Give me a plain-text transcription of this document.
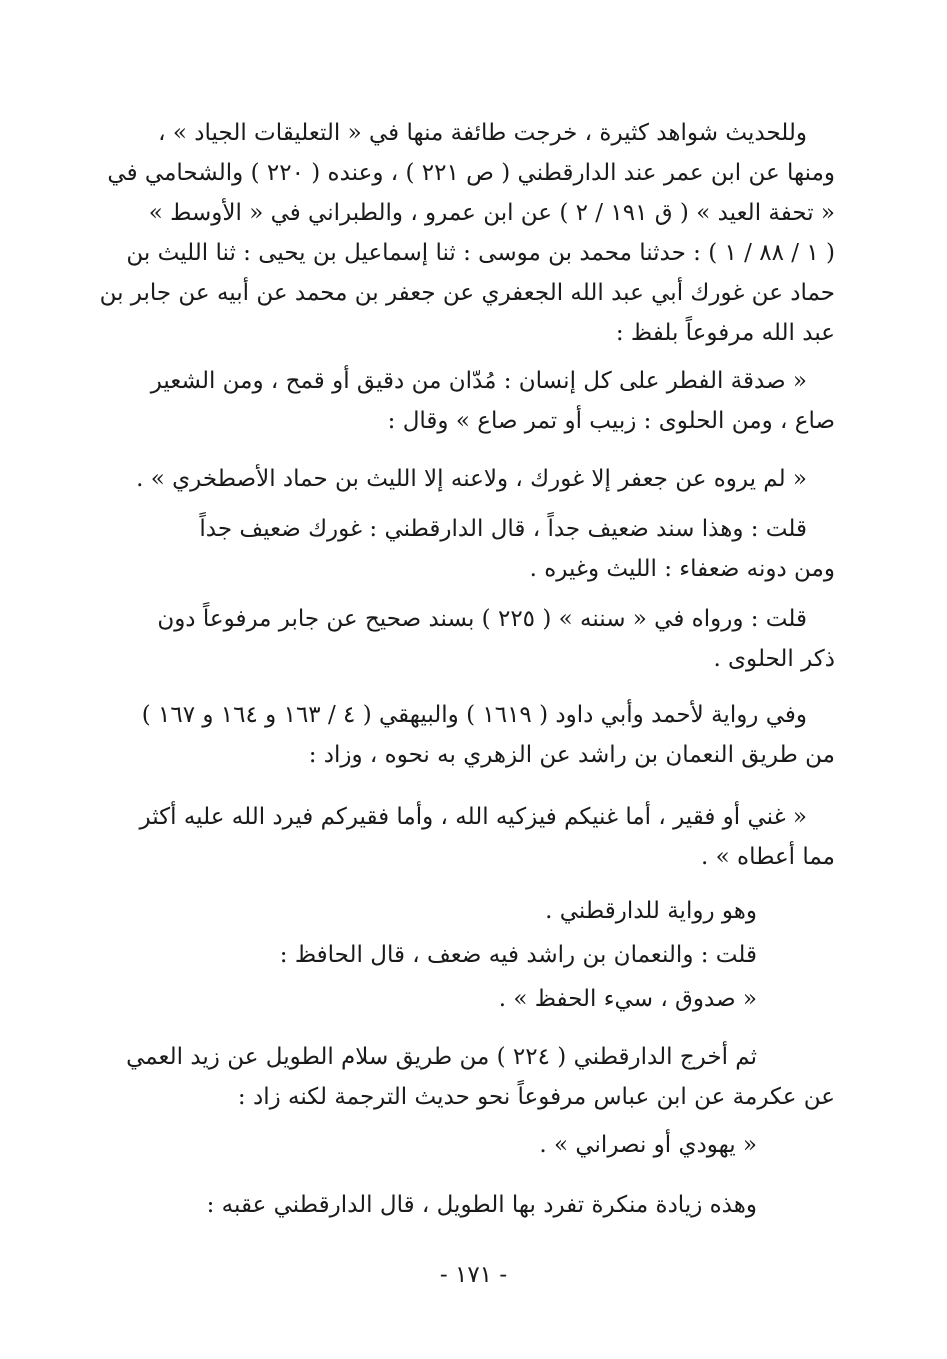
وللحديث شواهد كثيرة ، خرجت طائفة منها في « التعليقات الجياد » ،
ومنها عن ابن عمر عند الدارقطني ( ص ٢٢١ ) ، وعنده ( ٢٢٠ ) والشحامي في
« تحفة العيد » ( ق ١٩١ / ٢ ) عن ابن عمرو ، والطبراني في « الأوسط »
( ١ / ٨٨ / ١ ) : حدثنا محمد بن موسى : ثنا إسماعيل بن يحيى : ثنا الليث بن
حماد عن غورك أبي عبد الله الجعفري عن جعفر بن محمد عن أبيه عن جابر بن
عبد الله مرفوعاً بلفظ :
« صدقة الفطر على كل إنسان : مُدّان من دقيق أو قمح ، ومن الشعير
صاع ، ومن الحلوى : زبيب أو تمر صاع » وقال :
« لم يروه عن جعفر إلا غورك ، ولاعنه إلا الليث بن حماد الأصطخري » .
قلت : وهذا سند ضعيف جداً ، قال الدارقطني : غورك ضعيف جداً
ومن دونه ضعفاء : الليث وغيره .
قلت : ورواه في « سننه » ( ٢٢٥ ) بسند صحيح عن جابر مرفوعاً دون
ذكر الحلوى .
وفي رواية لأحمد وأبي داود ( ١٦١٩ ) والبيهقي ( ٤ / ١٦٣ و ١٦٤ و ١٦٧ )
من طريق النعمان بن راشد عن الزهري به نحوه ، وزاد :
« غني أو فقير ، أما غنيكم فيزكيه الله ، وأما فقيركم فيرد الله عليه أكثر
مما أعطاه » .
وهو رواية للدارقطني .
قلت : والنعمان بن راشد فيه ضعف ، قال الحافظ :
« صدوق ، سيء الحفظ » .
ثم أخرج الدارقطني ( ٢٢٤ ) من طريق سلام الطويل عن زيد العمي
عن عكرمة عن ابن عباس مرفوعاً نحو حديث الترجمة لكنه زاد :
« يهودي أو نصراني » .
وهذه زيادة منكرة تفرد بها الطويل ، قال الدارقطني عقبه :
- ١٧١ -
